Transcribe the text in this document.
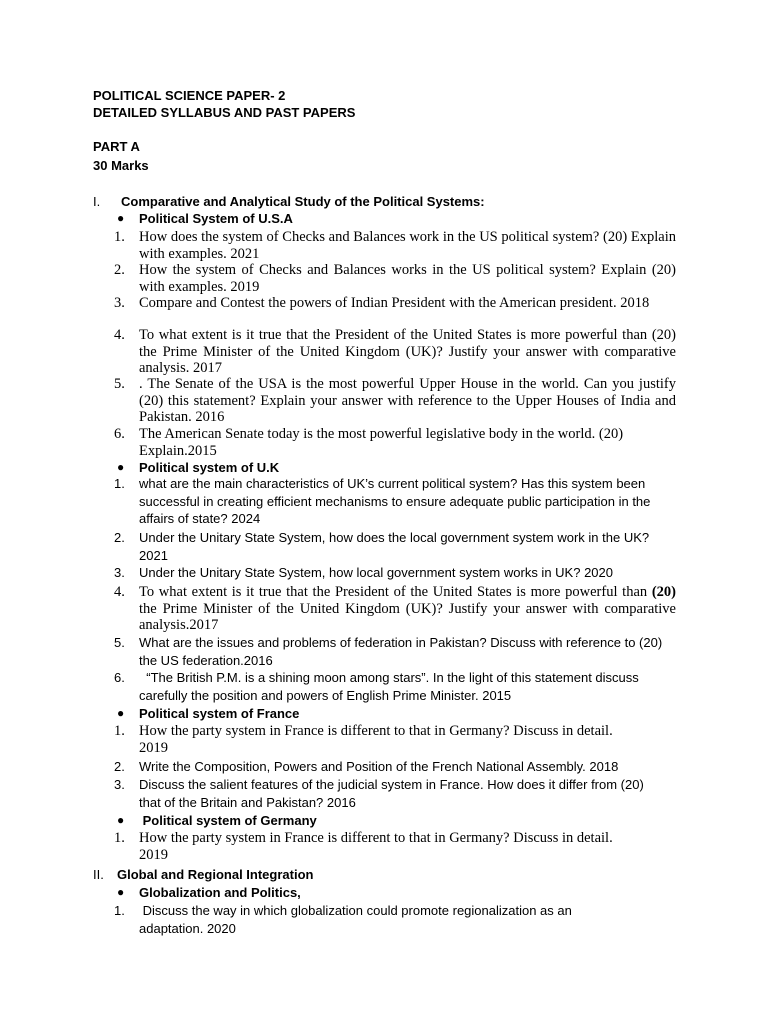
POLITICAL SCIENCE PAPER- 2
DETAILED SYLLABUS AND PAST PAPERS
PART A
30 Marks
I. Comparative and Analytical Study of the Political Systems:
● Political System of U.S.A
1. How does the system of Checks and Balances work in the US political system? (20) Explain with examples. 2021
2. How the system of Checks and Balances works in the US political system? Explain (20) with examples. 2019
3. Compare and Contest the powers of Indian President with the American president. 2018
4. To what extent is it true that the President of the United States is more powerful than (20) the Prime Minister of the United Kingdom (UK)? Justify your answer with comparative analysis. 2017
5. . The Senate of the USA is the most powerful Upper House in the world. Can you justify (20) this statement? Explain your answer with reference to the Upper Houses of India and Pakistan. 2016
6. The American Senate today is the most powerful legislative body in the world. (20) Explain.2015
● Political system of U.K
1.	what are the main characteristics of UK’s current political system? Has this system been successful in creating efficient mechanisms to ensure adequate public participation in the affairs of state? 2024
2.	Under the Unitary State System, how does the local government system work in the UK? 2021
3.	Under the Unitary State System, how local government system works in UK? 2020
4. To what extent is it true that the President of the United States is more powerful than (20) the Prime Minister of the United Kingdom (UK)? Justify your answer with comparative analysis.2017
5.	What are the issues and problems of federation in Pakistan? Discuss with reference to (20) the US federation.2016
6.	“The British P.M. is a shining moon among stars”. In the light of this statement discuss carefully the position and powers of English Prime Minister. 2015
● Political system of France
1. How the party system in France is different to that in Germany? Discuss in detail.
2019
2.	Write the Composition, Powers and Position of the French National Assembly. 2018
3.	Discuss the salient features of the judicial system in France. How does it differ from (20) that of the Britain and Pakistan? 2016
● Political system of Germany
1. How the party system in France is different to that in Germany? Discuss in detail.
2019
II. Global and Regional Integration
● Globalization and Politics,
1.	Discuss the way in which globalization could promote regionalization as an adaptation. 2020
